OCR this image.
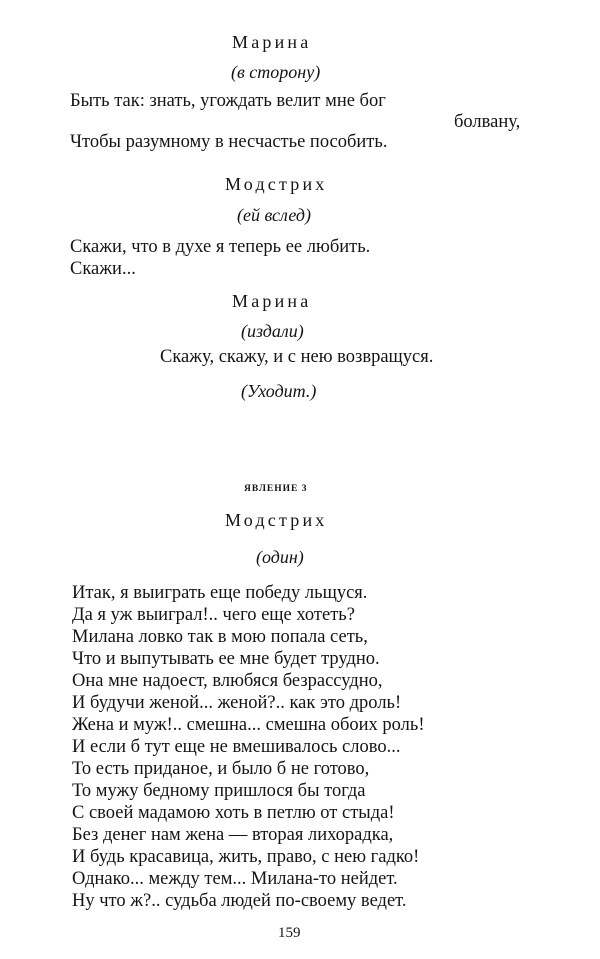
Марина
(в сторону)
Быть так: знать, угождать велит мне бог
болвану,
Чтобы разумному в несчастье пособить.
Модстрих
(ей вслед)
Скажи, что в духе я теперь ее любить.
Скажи...
Марина
(издали)
Скажу, скажу, и с нею возвращуся.
(Уходит.)
ЯВЛЕНИЕ 3
Модстрих
(один)
Итак, я выиграть еще победу льщуся.
Да я уж выиграл!.. чего еще хотеть?
Милана ловко так в мою попала сеть,
Что и выпутывать ее мне будет трудно.
Она мне надоест, влюбяся безрассудно,
И будучи женой... женой?.. как это дроль!
Жена и муж!.. смешна... смешна обоих роль!
И если б тут еще не вмешивалось слово...
То есть приданое, и было б не готово,
То мужу бедному пришлося бы тогда
С своей мадамою хоть в петлю от стыда!
Без денег нам жена — вторая лихорадка,
И будь красавица, жить, право, с нею гадко!
Однако... между тем... Милана-то нейдет.
Ну что ж?.. судьба людей по-своему ведет.
159
